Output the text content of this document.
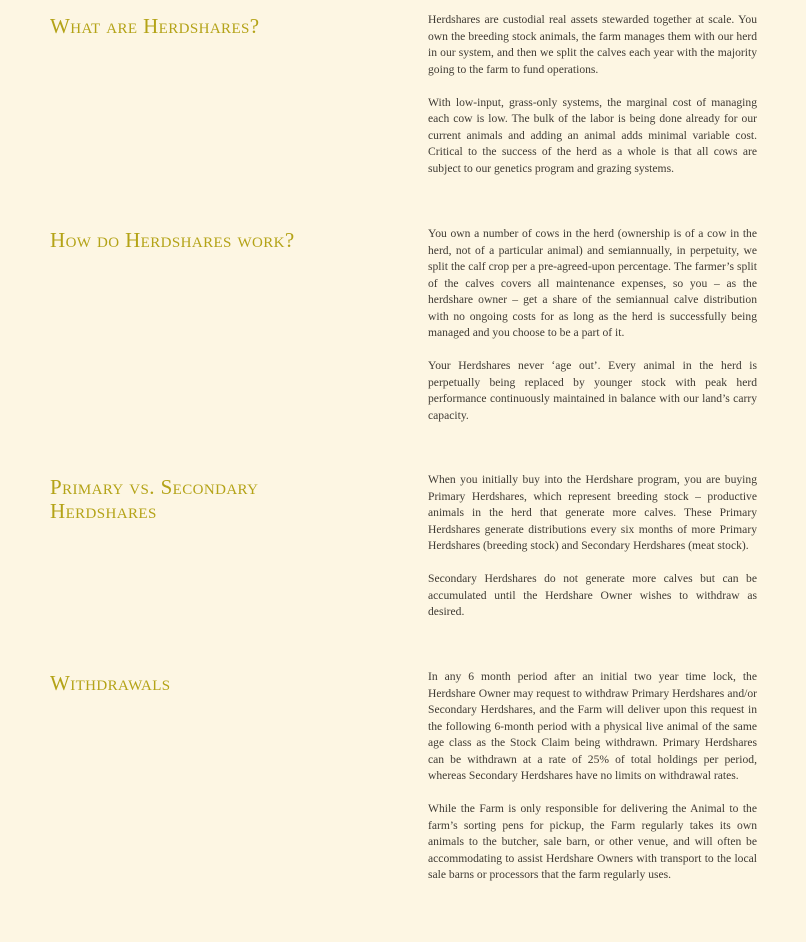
What are Herdshares?	Herdshares are custodial real assets stewarded together at scale. You own the breeding stock animals, the farm manages them with our herd in our system, and then we split the calves each year with the majority going to the farm to fund operations.

With low-input, grass-only systems, the marginal cost of managing each cow is low. The bulk of the labor is being done already for our current animals and adding an animal adds minimal variable cost. Critical to the success of the herd as a whole is that all cows are subject to our genetics program and grazing systems.

How do Herdshares work?	You own a number of cows in the herd (ownership is of a cow in the herd, not of a particular animal) and semiannually, in perpetuity, we split the calf crop per a pre-agreed-upon percentage. The farmer’s split of the calves covers all maintenance expenses, so you – as the herdshare owner – get a share of the semiannual calve distribution with no ongoing costs for as long as the herd is successfully being managed and you choose to be a part of it.

Your Herdshares never ‘age out’. Every animal in the herd is perpetually being replaced by younger stock with peak herd performance continuously maintained in balance with our land’s carry capacity.

Primary vs. Secondary Herdshares

When you initially buy into the Herdshare program, you are buying Primary Herdshares, which represent breeding stock – productive animals in the herd that generate more calves. These Primary Herdshares generate distributions every six months of more Primary Herdshares (breeding stock) and Secondary Herdshares (meat stock).

Secondary Herdshares do not generate more calves but can be accumulated until the Herdshare Owner wishes to withdraw as desired.

Withdrawals	In any 6 month period after an initial two year time lock, the Herdshare Owner may request to withdraw Primary Herdshares and/or Secondary Herdshares, and the Farm will deliver upon this request in the following 6-month period with a physical live animal of the same age class as the Stock Claim being withdrawn. Primary Herdshares can be withdrawn at a rate of 25% of total holdings per period, whereas Secondary Herdshares have no limits on withdrawal rates.

While the Farm is only responsible for delivering the Animal to the farm’s sorting pens for pickup, the Farm regularly takes its own animals to the butcher, sale barn, or other venue, and will often be accommodating to assist Herdshare Owners with transport to the local sale barns or processors that the farm regularly uses.
